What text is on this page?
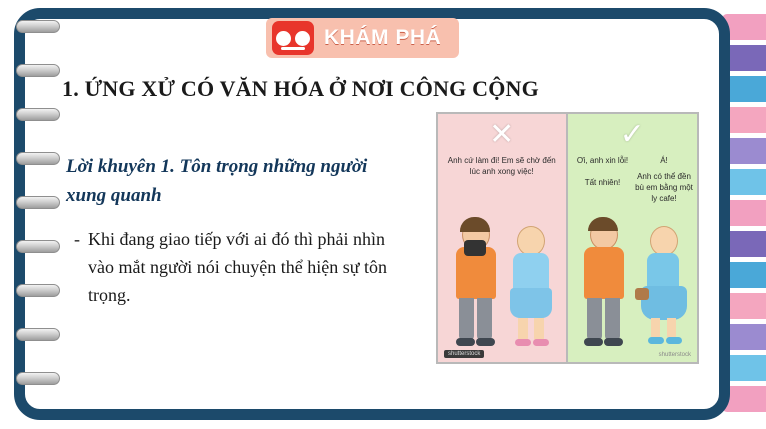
KHÁM PHÁ
1. ỨNG XỬ CÓ VĂN HÓA Ở NƠI CÔNG CỘNG
Lời khuyên 1. Tôn trọng những người xung quanh
- Khi đang giao tiếp với ai đó thì phải nhìn vào mắt người nói chuyện thể hiện sự tôn trọng.
✕
Anh cứ làm đi! Em sẽ chờ đến lúc anh xong việc!
shutterstock
✓
Ơi, anh xin lỗi!
Tất nhiên!
Á!
Anh có thể đền bù em bằng một ly cafe!
shutterstock
